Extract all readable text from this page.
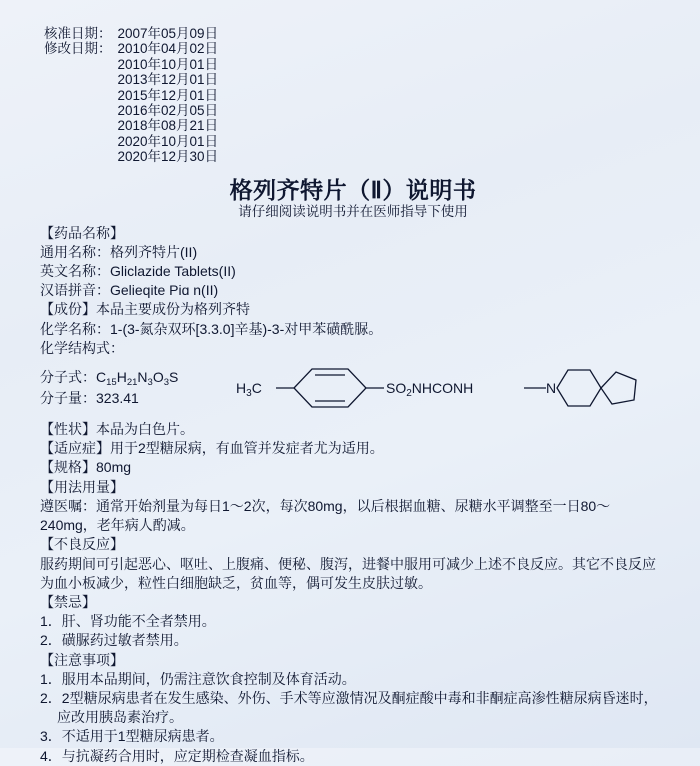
核准日期： 2007年05月09日
修改日期： 2010年04月02日
2010年10月01日
2013年12月01日
2015年12月01日
2016年02月05日
2018年08月21日
2020年10月01日
2020年12月30日
格列齐特片（Ⅱ）说明书
请仔细阅读说明书并在医师指导下使用

【药品名称】

通用名称：格列齐特片(II)

英文名称：Gliclazide Tablets(II)

汉语拼音：Gelieqite Piɑ n(II)

【成份】本品主要成份为格列齐特

化学名称：1-(3-氮杂双环[3.3.0]辛基)-3-对甲苯磺酰脲。

化学结构式：

分子式：$C_{15}H_{21}N_3O_3S$

分子量：323.41

$H_3C$	$SO_2NHCONH$	N

【性状】本品为白色片。

【适应症】用于2型糖尿病，有血管并发症者尤为适用。

【规格】80mg

【用法用量】

遵医嘱：通常开始剂量为每日1～2次，每次80mg，以后根据血糖、尿糖水平调整至一日80～240mg，老年病人酌减。

【不良反应】

服药期间可引起恶心、呕吐、上腹痛、便秘、腹泻，进餐中服用可减少上述不良反应。其它不良反应为血小板减少，粒性白细胞缺乏，贫血等，偶可发生皮肤过敏。

【禁忌】

1．肝、肾功能不全者禁用。

2．磺脲药过敏者禁用。

【注意事项】

1．服用本品期间，仍需注意饮食控制及体育活动。

2．2型糖尿病患者在发生感染、外伤、手术等应激情况及酮症酸中毒和非酮症高渗性糖尿病昏迷时，应改用胰岛素治疗。

3．不适用于1型糖尿病患者。

4．与抗凝药合用时，应定期检查凝血指标。
